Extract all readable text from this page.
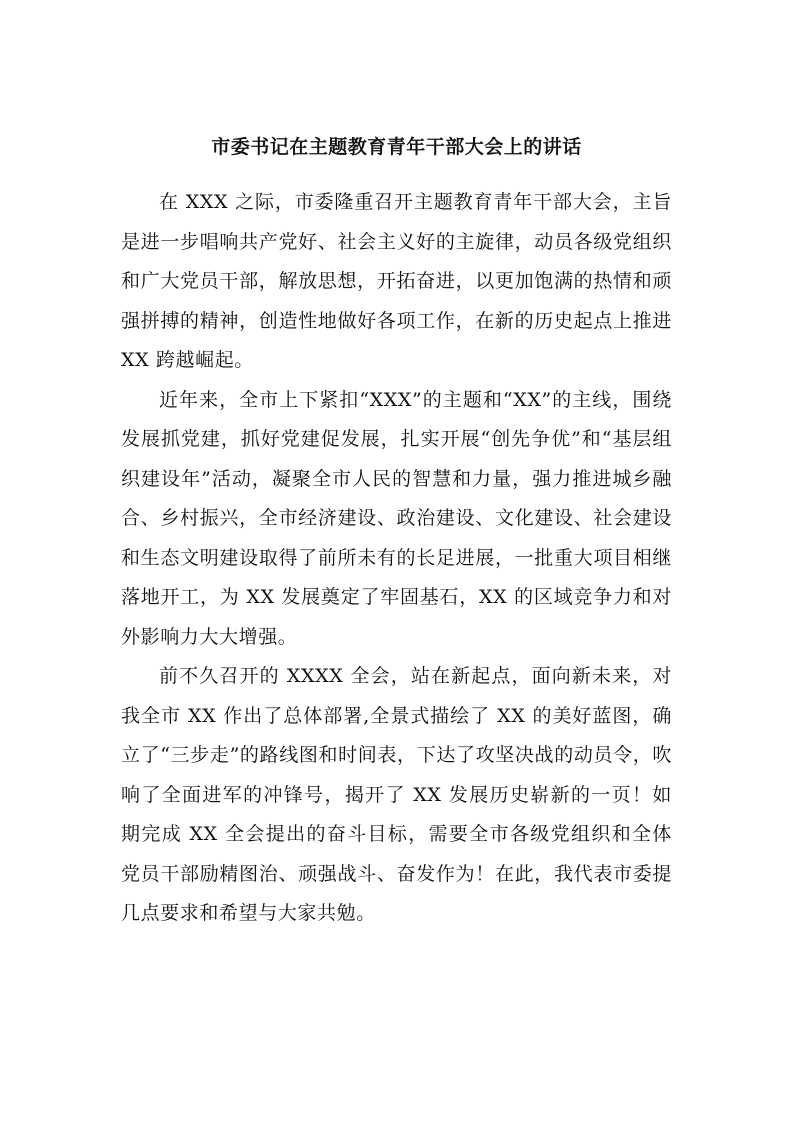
市委书记在主题教育青年干部大会上的讲话

在 XXX 之际，市委隆重召开主题教育青年干部大会，主旨是进一步唱响共产党好、社会主义好的主旋律，动员各级党组织和广大党员干部，解放思想，开拓奋进，以更加饱满的热情和顽强拼搏的精神，创造性地做好各项工作，在新的历史起点上推进 XX 跨越崛起。

近年来，全市上下紧扣“XXX”的主题和“XX”的主线，围绕发展抓党建，抓好党建促发展，扎实开展“创先争优”和“基层组织建设年”活动，凝聚全市人民的智慧和力量，强力推进城乡融合、乡村振兴，全市经济建设、政治建设、文化建设、社会建设和生态文明建设取得了前所未有的长足进展，一批重大项目相继落地开工，为 XX 发展奠定了牢固基石，XX 的区域竞争力和对外影响力大大增强。

前不久召开的 XXXX 全会，站在新起点，面向新未来，对我全市 XX 作出了总体部署,全景式描绘了 XX 的美好蓝图，确立了“三步走”的路线图和时间表，下达了攻坚决战的动员令，吹响了全面进军的冲锋号，揭开了 XX 发展历史崭新的一页！如期完成 XX 全会提出的奋斗目标，需要全市各级党组织和全体党员干部励精图治、顽强战斗、奋发作为！在此，我代表市委提几点要求和希望与大家共勉。
